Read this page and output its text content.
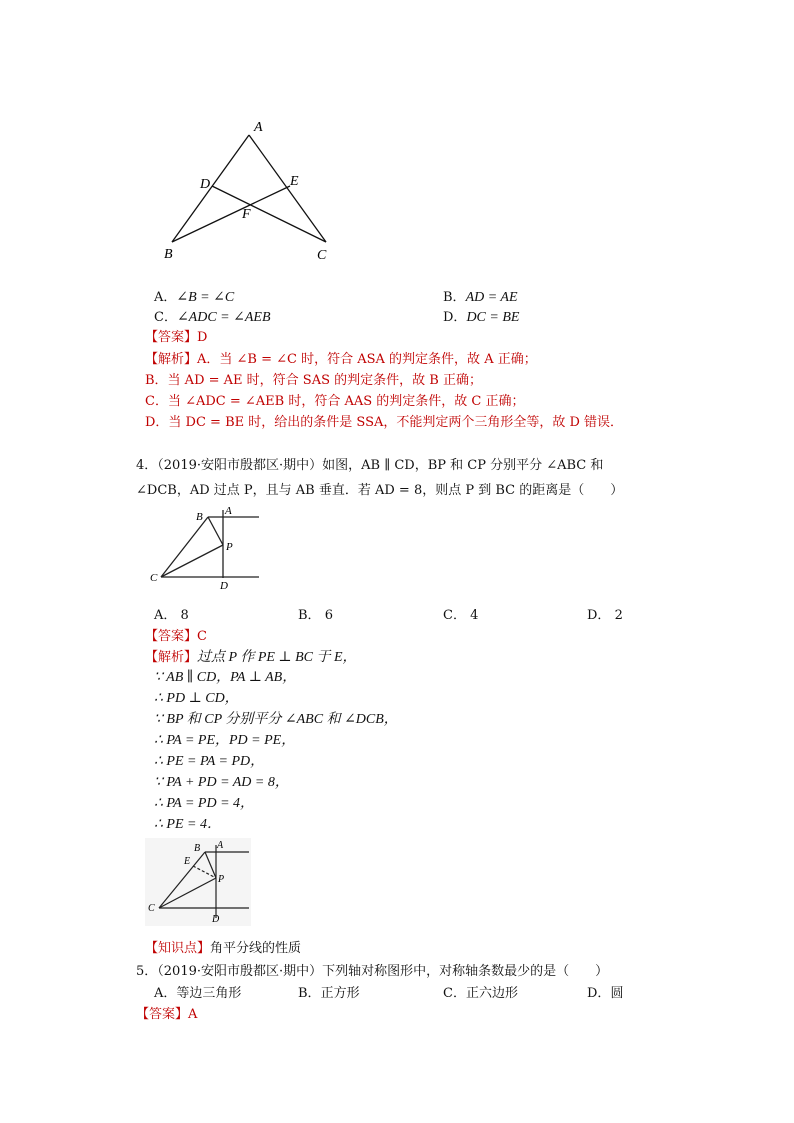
A
D	E
F
B	C
A．∠B = ∠C	B．AD = AE
C．∠ADC = ∠AEB	D．DC = BE
【答案】D
【解析】A．当 ∠B = ∠C 时，符合 ASA 的判定条件，故 A 正确；
B．当 AD = AE 时，符合 SAS 的判定条件，故 B 正确；
C．当 ∠ADC = ∠AEB 时，符合 AAS 的判定条件，故 C 正确；
D．当 DC = BE 时，给出的条件是 SSA，不能判定两个三角形全等，故 D 错误．
4．（2019·安阳市殷都区·期中）如图，AB ∥ CD，BP 和 CP 分别平分 ∠ABC 和
∠DCB，AD 过点 P，且与 AB 垂直．若 AD = 8，则点 P 到 BC 的距离是（　　）
B A
P
C
D
A． 8	B． 6	C． 4	D． 2
【答案】C
【解析】过点 P 作 PE ⊥ BC 于 E，
∵ AB ∥ CD，PA ⊥ AB，
∴ PD ⊥ CD，
∵ BP 和 CP 分别平分 ∠ABC 和 ∠DCB，
∴ PA = PE，PD = PE，
∴ PE = PA = PD，
∵ PA + PD = AD = 8，
∴ PA = PD = 4，
∴ PE = 4．
B A
E
P
C
D
【知识点】角平分线的性质
5．（2019·安阳市殷都区·期中）下列轴对称图形中，对称轴条数最少的是（　　）
A．等边三角形	B．正方形	C．正六边形	D．圆
【答案】A
